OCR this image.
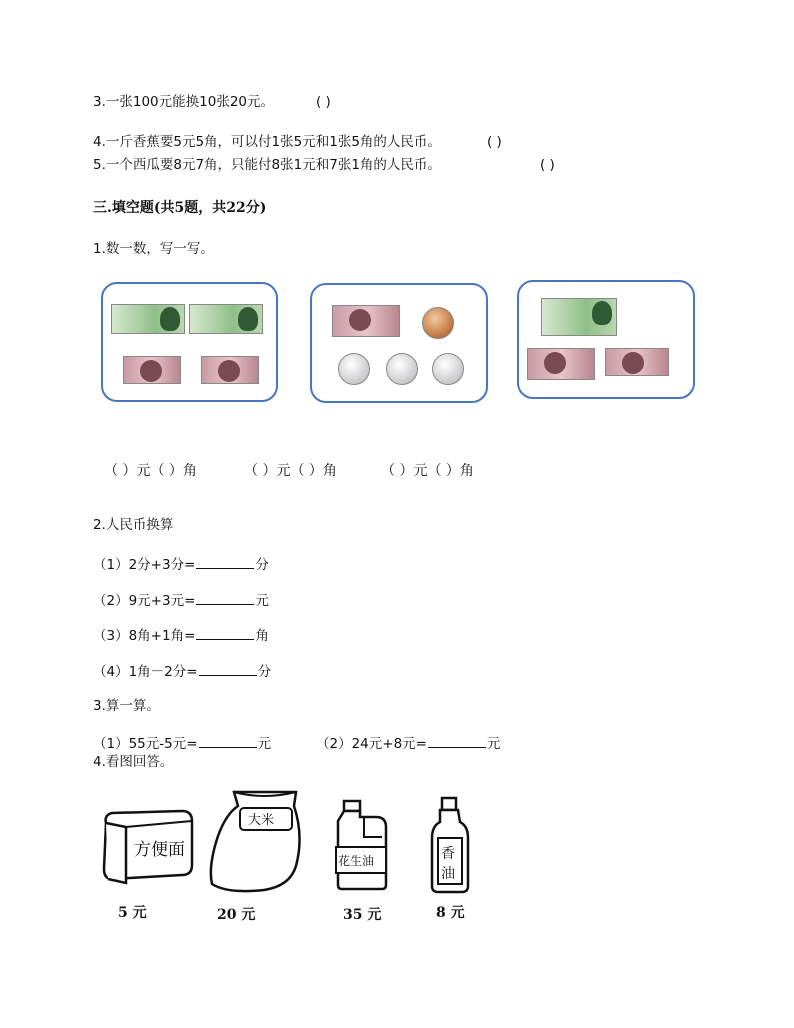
3.一张100元能换10张20元。	( )
4.一斤香蕉要5元5角，可以付1张5元和1张5角的人民币。	( )
5.一个西瓜要8元7角，只能付8张1元和7张1角的人民币。	( )
三.填空题(共5题，共22分)
1.数一数，写一写。
（ ）元（ ）角	（ ）元（ ）角	（ ）元（ ）角
2.人民币换算
（1）2分+3分=	分
（2）9元+3元=	元
（3）8角+1角=	角
（4）1角－2分=	分
3.算一算。
（1）55元-5元=	元	（2）24元+8元=	元
4.看图回答。
方便面
5 元
大米
20 元
花生油
35 元
香
油
8 元
